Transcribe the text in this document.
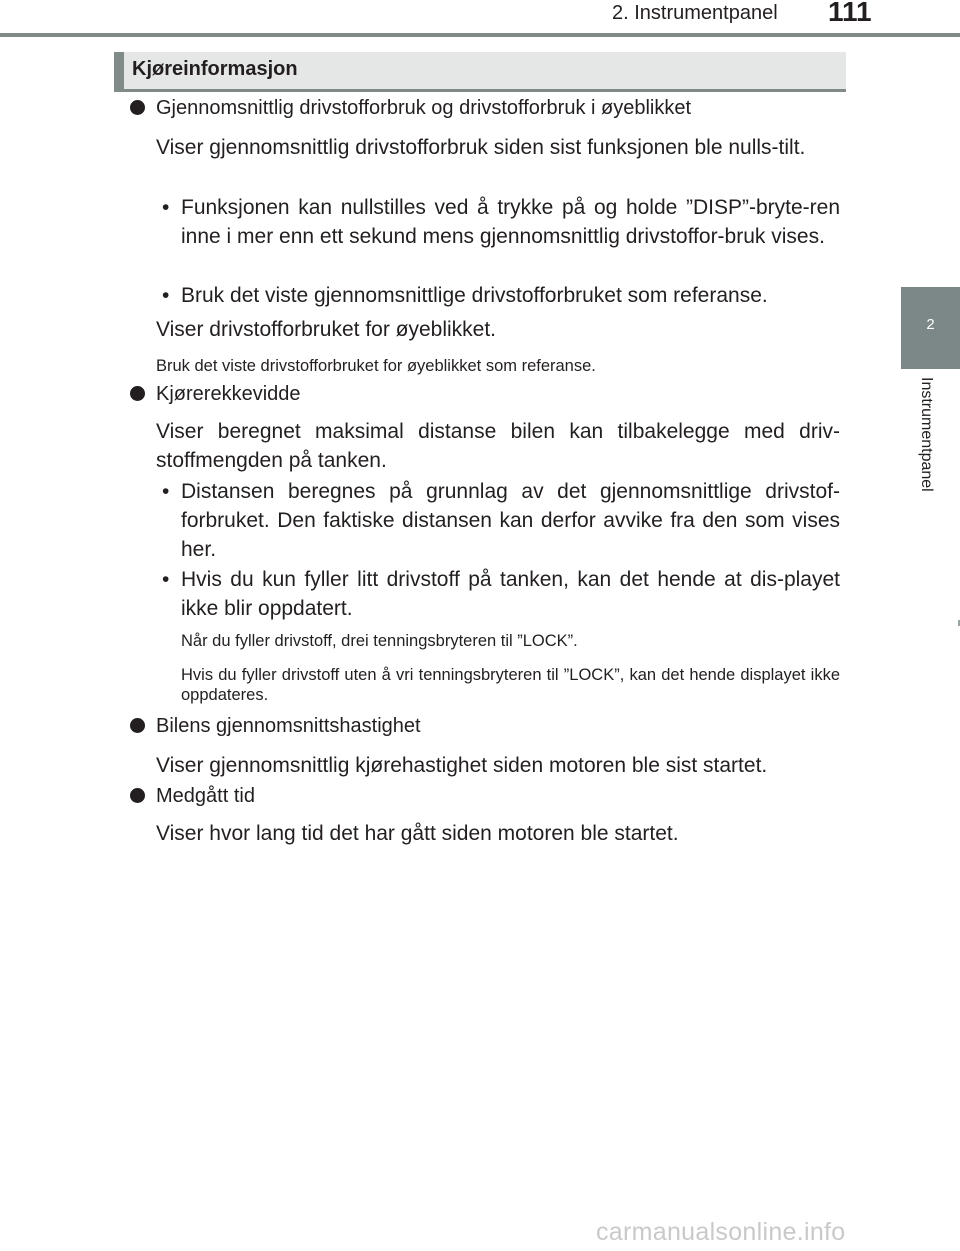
2. Instrumentpanel 111
2
Instrumentpanel
Kjøreinformasjon
Gjennomsnittlig drivstofforbruk og drivstofforbruk i øyeblikket
Viser gjennomsnittlig drivstofforbruk siden sist funksjonen ble nulls-tilt.
• Funksjonen kan nullstilles ved å trykke på og holde ”DISP”-bryte-ren inne i mer enn ett sekund mens gjennomsnittlig drivstoffor-bruk vises.
• Bruk det viste gjennomsnittlige drivstofforbruket som referanse.
Viser drivstofforbruket for øyeblikket.
Bruk det viste drivstofforbruket for øyeblikket som referanse.
Kjørerekkevidde
Viser beregnet maksimal distanse bilen kan tilbakelegge med driv-stoffmengden på tanken.
• Distansen beregnes på grunnlag av det gjennomsnittlige drivstof-forbruket. Den faktiske distansen kan derfor avvike fra den som vises her.
• Hvis du kun fyller litt drivstoff på tanken, kan det hende at dis-playet ikke blir oppdatert.
Når du fyller drivstoff, drei tenningsbryteren til ”LOCK”.
Hvis du fyller drivstoff uten å vri tenningsbryteren til ”LOCK”, kan det hende displayet ikke oppdateres.
Bilens gjennomsnittshastighet
Viser gjennomsnittlig kjørehastighet siden motoren ble sist startet.
Medgått tid
Viser hvor lang tid det har gått siden motoren ble startet.
carmanualsonline.info
